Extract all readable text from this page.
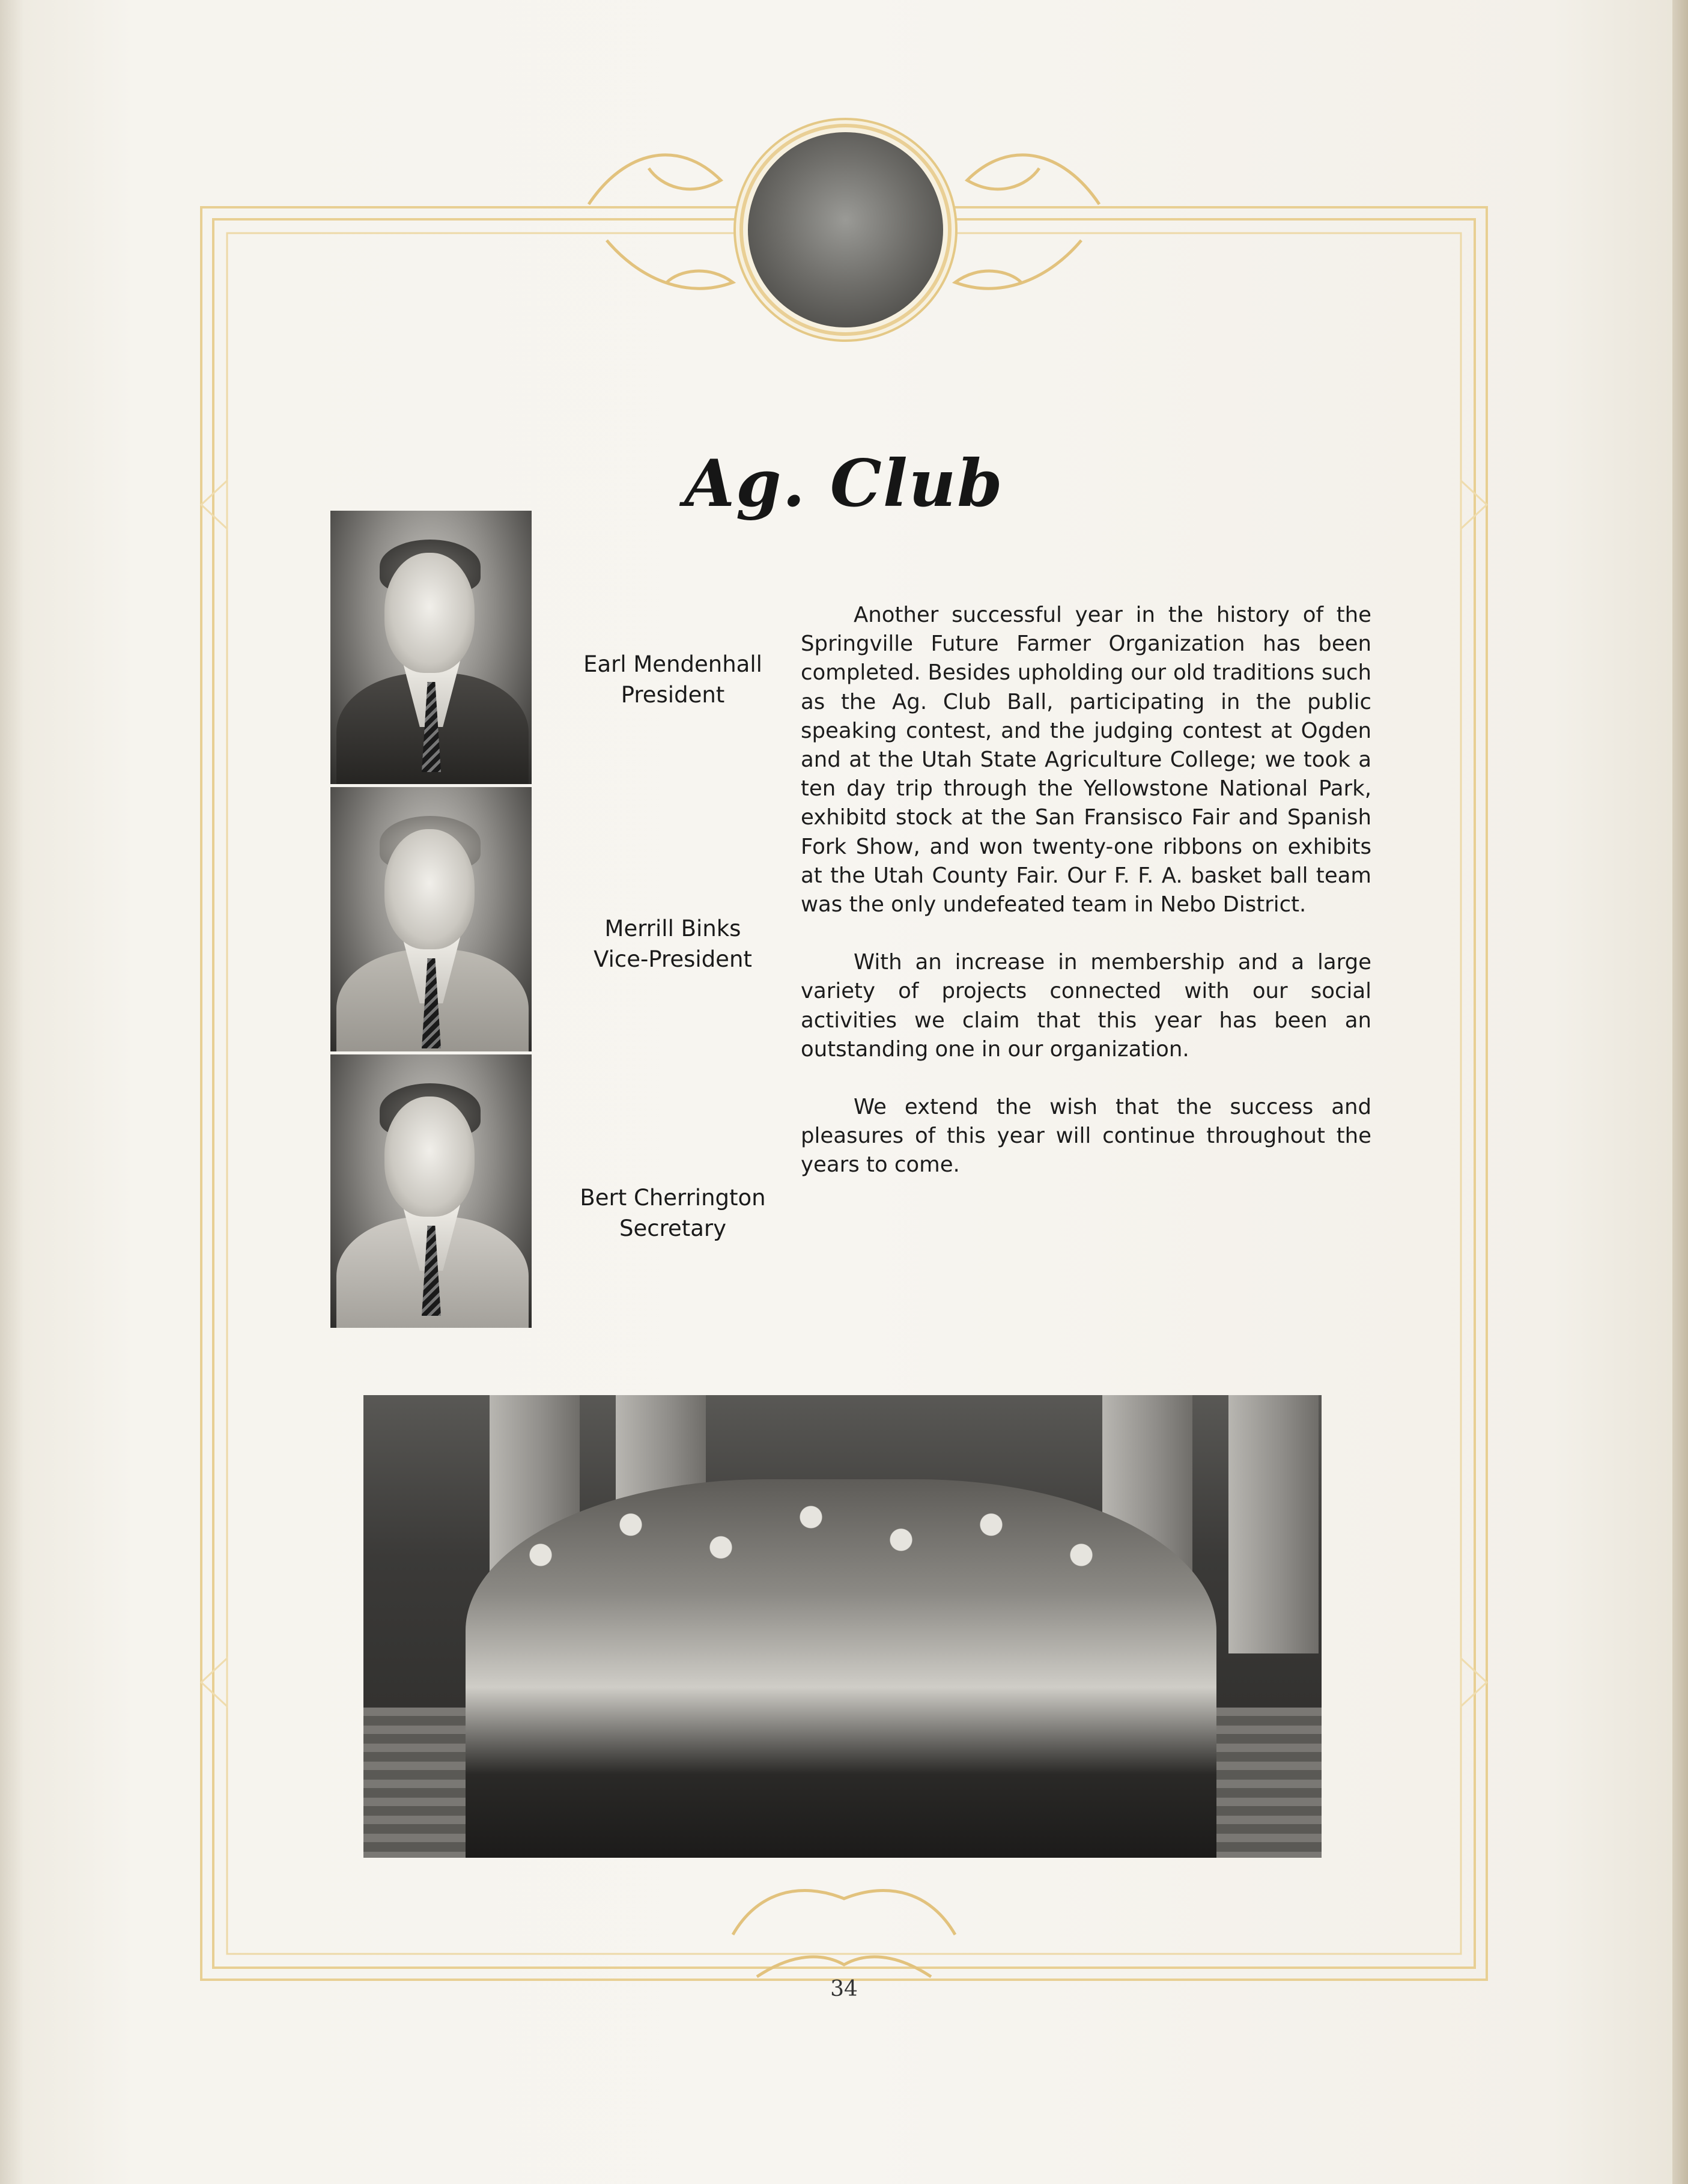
Ag. Club
Earl Mendenhall
President
Merrill Binks
Vice-President
Bert Cherrington
Secretary

Another successful year in the history of the Springville Future Farmer Organization has been completed. Besides upholding our old traditions such as the Ag. Club Ball, participating in the public speaking contest, and the judging contest at Ogden and at the Utah State Agriculture College; we took a ten day trip through the Yellowstone National Park, exhibitd stock at the San Fransisco Fair and Spanish Fork Show, and won twenty-one ribbons on exhibits at the Utah County Fair. Our F. F. A. basket ball team was the only undefeated team in Nebo District.

With an increase in membership and a large variety of projects connected with our social activities we claim that this year has been an outstanding one in our organization.

We extend the wish that the success and pleasures of this year will continue throughout the years to come.

34
